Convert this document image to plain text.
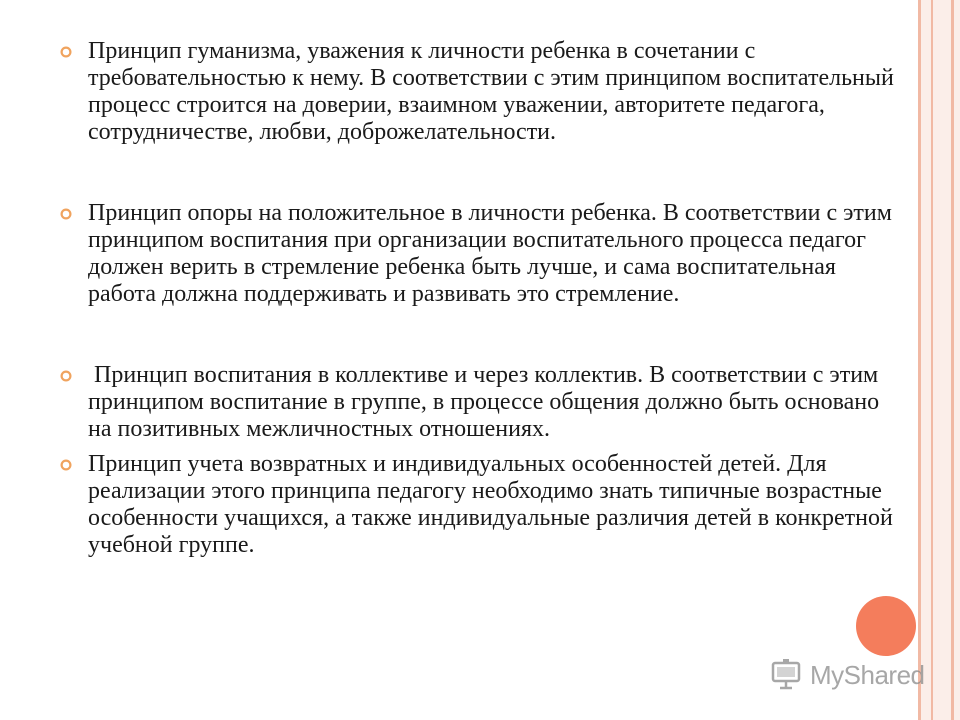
Принцип гуманизма, уважения к личности ребенка в сочетании с требовательностью к нему. В соответствии с этим принципом воспитательный процесс строится на доверии, взаимном уважении, авторитете педагога, сотрудничестве, любви, доброжелательности.
Принцип опоры на положительное в личности ребенка. В соответствии с этим принципом воспитания при организации воспитательного процесса педагог должен верить в стремление ребенка быть лучше, и сама воспитательная работа должна поддерживать и развивать это стремление.
Принцип воспитания в коллективе и через коллектив. В соответствии с этим принципом воспитание в группе, в процессе общения должно быть основано на позитивных межличностных отношениях.
Принцип учета возвратных и индивидуальных особенностей детей. Для реализации этого принципа педагогу необходимо знать типичные возрастные особенности учащихся, а также индивидуальные различия детей в конкретной учебной группе.
MyShared
